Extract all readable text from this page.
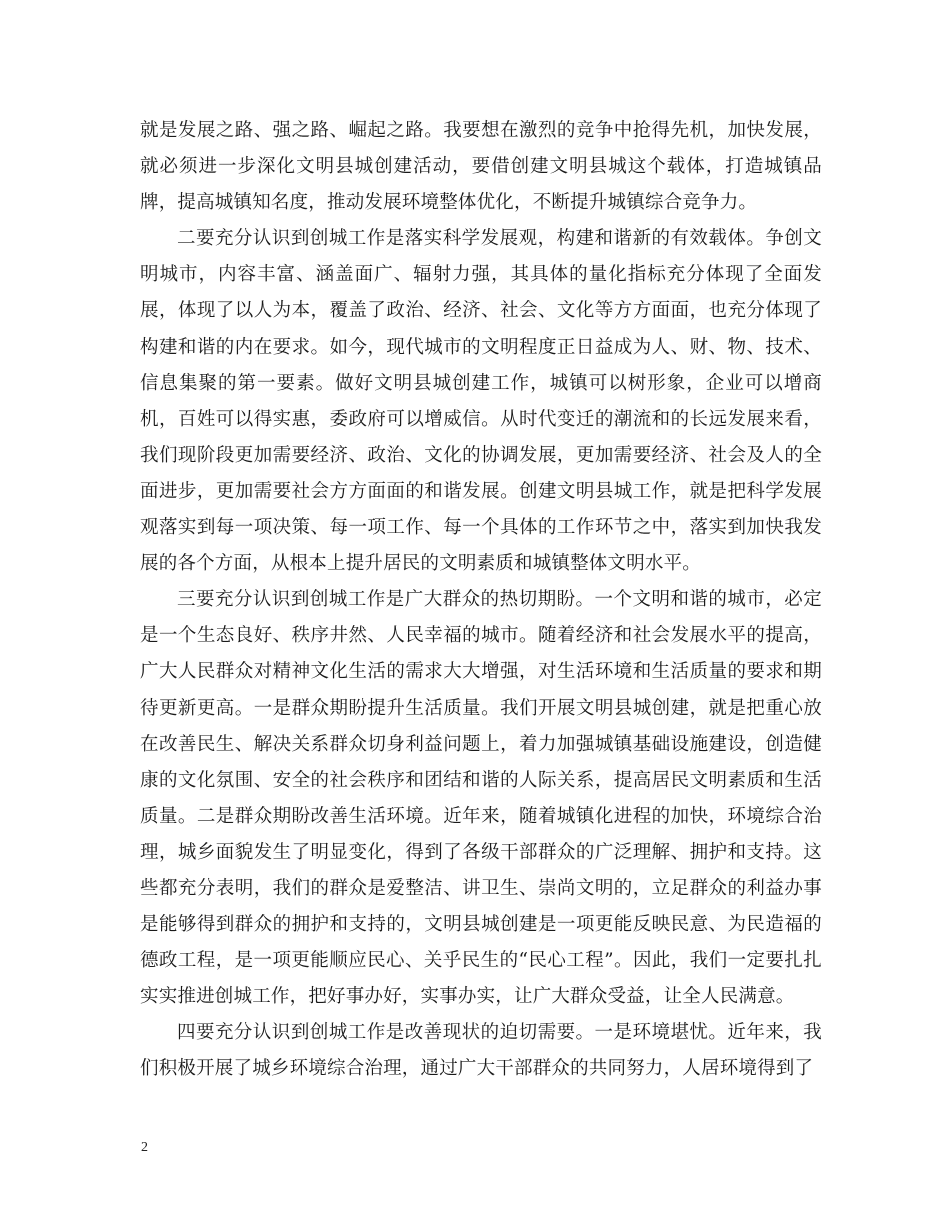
就是发展之路、强之路、崛起之路。我要想在激烈的竞争中抢得先机，加快发展，就必须进一步深化文明县城创建活动，要借创建文明县城这个载体，打造城镇品牌，提高城镇知名度，推动发展环境整体优化，不断提升城镇综合竞争力。

二要充分认识到创城工作是落实科学发展观，构建和谐新的有效载体。争创文明城市，内容丰富、涵盖面广、辐射力强，其具体的量化指标充分体现了全面发展，体现了以人为本，覆盖了政治、经济、社会、文化等方方面面，也充分体现了构建和谐的内在要求。如今，现代城市的文明程度正日益成为人、财、物、技术、信息集聚的第一要素。做好文明县城创建工作，城镇可以树形象，企业可以增商机，百姓可以得实惠，委政府可以增威信。从时代变迁的潮流和的长远发展来看，我们现阶段更加需要经济、政治、文化的协调发展，更加需要经济、社会及人的全面进步，更加需要社会方方面面的和谐发展。创建文明县城工作，就是把科学发展观落实到每一项决策、每一项工作、每一个具体的工作环节之中，落实到加快我发展的各个方面，从根本上提升居民的文明素质和城镇整体文明水平。

三要充分认识到创城工作是广大群众的热切期盼。一个文明和谐的城市，必定是一个生态良好、秩序井然、人民幸福的城市。随着经济和社会发展水平的提高，广大人民群众对精神文化生活的需求大大增强，对生活环境和生活质量的要求和期待更新更高。一是群众期盼提升生活质量。我们开展文明县城创建，就是把重心放在改善民生、解决关系群众切身利益问题上，着力加强城镇基础设施建设，创造健康的文化氛围、安全的社会秩序和团结和谐的人际关系，提高居民文明素质和生活质量。二是群众期盼改善生活环境。近年来，随着城镇化进程的加快，环境综合治理，城乡面貌发生了明显变化，得到了各级干部群众的广泛理解、拥护和支持。这些都充分表明，我们的群众是爱整洁、讲卫生、崇尚文明的，立足群众的利益办事是能够得到群众的拥护和支持的，文明县城创建是一项更能反映民意、为民造福的德政工程，是一项更能顺应民心、关乎民生的“民心工程”。因此，我们一定要扎扎实实推进创城工作，把好事办好，实事办实，让广大群众受益，让全人民满意。

四要充分认识到创城工作是改善现状的迫切需要。一是环境堪忧。近年来，我们积极开展了城乡环境综合治理，通过广大干部群众的共同努力，人居环境得到了

2
